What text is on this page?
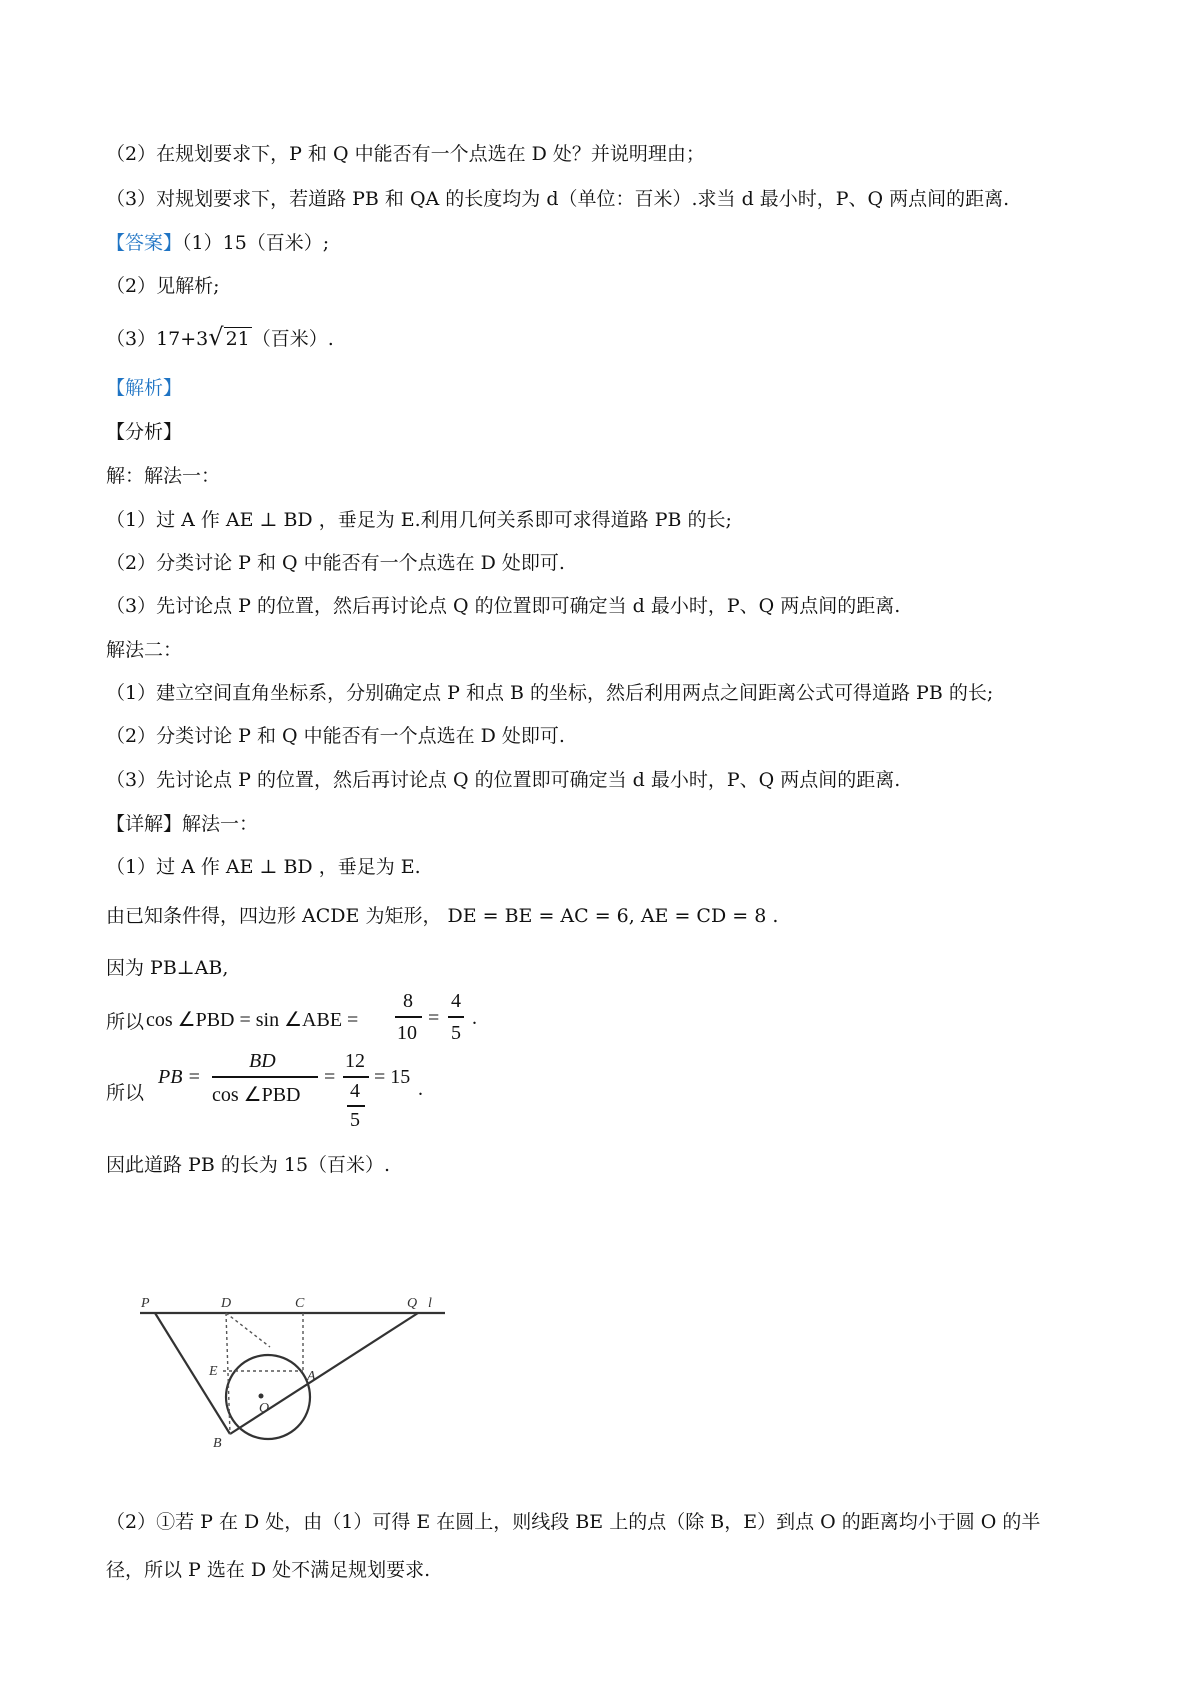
（2）在规划要求下，P 和 Q 中能否有一个点选在 D 处？并说明理由；
（3）对规划要求下，若道路 PB 和 QA 的长度均为 d（单位：百米）.求当 d 最小时，P、Q 两点间的距离.
【答案】（1）15（百米）;
（2）见解析;
（3）17+3√ 21 （百米）.
【解析】
【分析】
解：解法一：
（1）过 A 作 AE ⊥ BD ，垂足为 E.利用几何关系即可求得道路 PB 的长;
（2）分类讨论 P 和 Q 中能否有一个点选在 D 处即可.
（3）先讨论点 P 的位置，然后再讨论点 Q 的位置即可确定当 d 最小时，P、Q 两点间的距离.
解法二：
（1）建立空间直角坐标系，分别确定点 P 和点 B 的坐标，然后利用两点之间距离公式可得道路 PB 的长;
（2）分类讨论 P 和 Q 中能否有一个点选在 D 处即可.
（3）先讨论点 P 的位置，然后再讨论点 Q 的位置即可确定当 d 最小时，P、Q 两点间的距离.
【详解】解法一：
（1）过 A 作 AE ⊥ BD ，垂足为 E.
由已知条件得，四边形 ACDE 为矩形， DE = BE = AC = 6, AE = CD = 8 .
因为 PB⊥AB,
所以 cos ∠PBD = sin ∠ABE =
8
10
=
4
5
.
所以
PB =
BD
cos ∠PBD
=
12
4
5
= 15
.
因此道路 PB 的长为 15（百米）.
P	D	C	Q l
E	A
O
B
（2）①若 P 在 D 处，由（1）可得 E 在圆上，则线段 BE 上的点（除 B，E）到点 O 的距离均小于圆 O 的半
径，所以 P 选在 D 处不满足规划要求.
